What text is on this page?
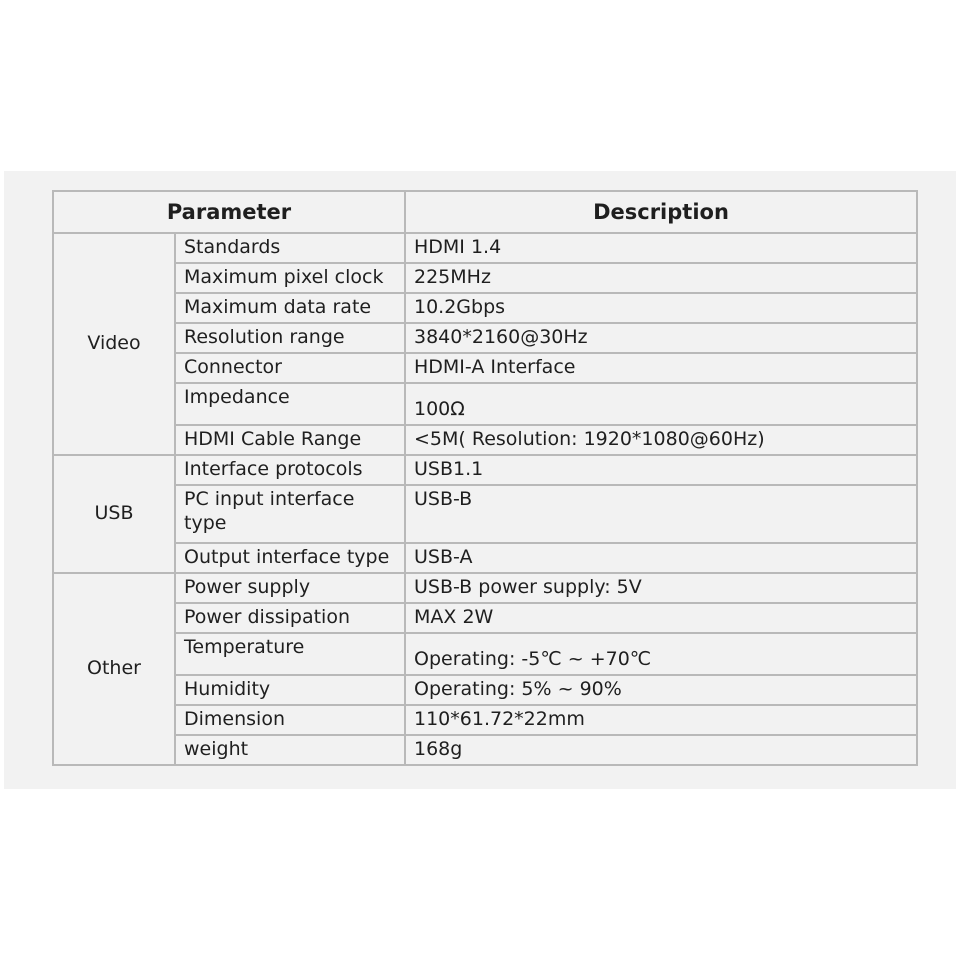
Parameter		Description
Video	Standards	HDMI 1.4
	Maximum pixel clock	225MHz
	Maximum data rate	10.2Gbps
	Resolution range	3840*2160@30Hz
	Connector	HDMI-A Interface
	Impedance	100Ω
	HDMI Cable Range	<5M( Resolution: 1920*1080@60Hz)
USB	Interface protocols	USB1.1
	PC input interface type	USB-B
	Output interface type	USB-A
Other	Power supply	USB-B power supply: 5V
	Power dissipation	MAX 2W
	Temperature	Operating: -5℃ ~ +70℃
	Humidity	Operating: 5% ~ 90%
	Dimension	110*61.72*22mm
	weight	168g
